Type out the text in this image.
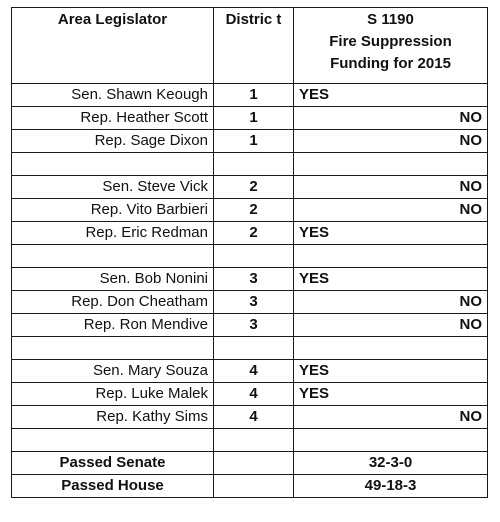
Area Legislator	Distric t	S 1190
Fire Suppression
Funding for 2015

Sen. Shawn Keough	1	YES

Rep. Heather Scott	1	NO

Rep. Sage Dixon	1	NO

Sen. Steve Vick	2	NO

Rep. Vito Barbieri	2	NO

Rep. Eric Redman	2	YES

Sen. Bob Nonini	3	YES

Rep. Don Cheatham	3	NO

Rep. Ron Mendive	3	NO

Sen. Mary Souza	4	YES

Rep. Luke Malek	4	YES

Rep. Kathy Sims	4	NO

Passed Senate		32-3-0
Passed House		49-18-3
